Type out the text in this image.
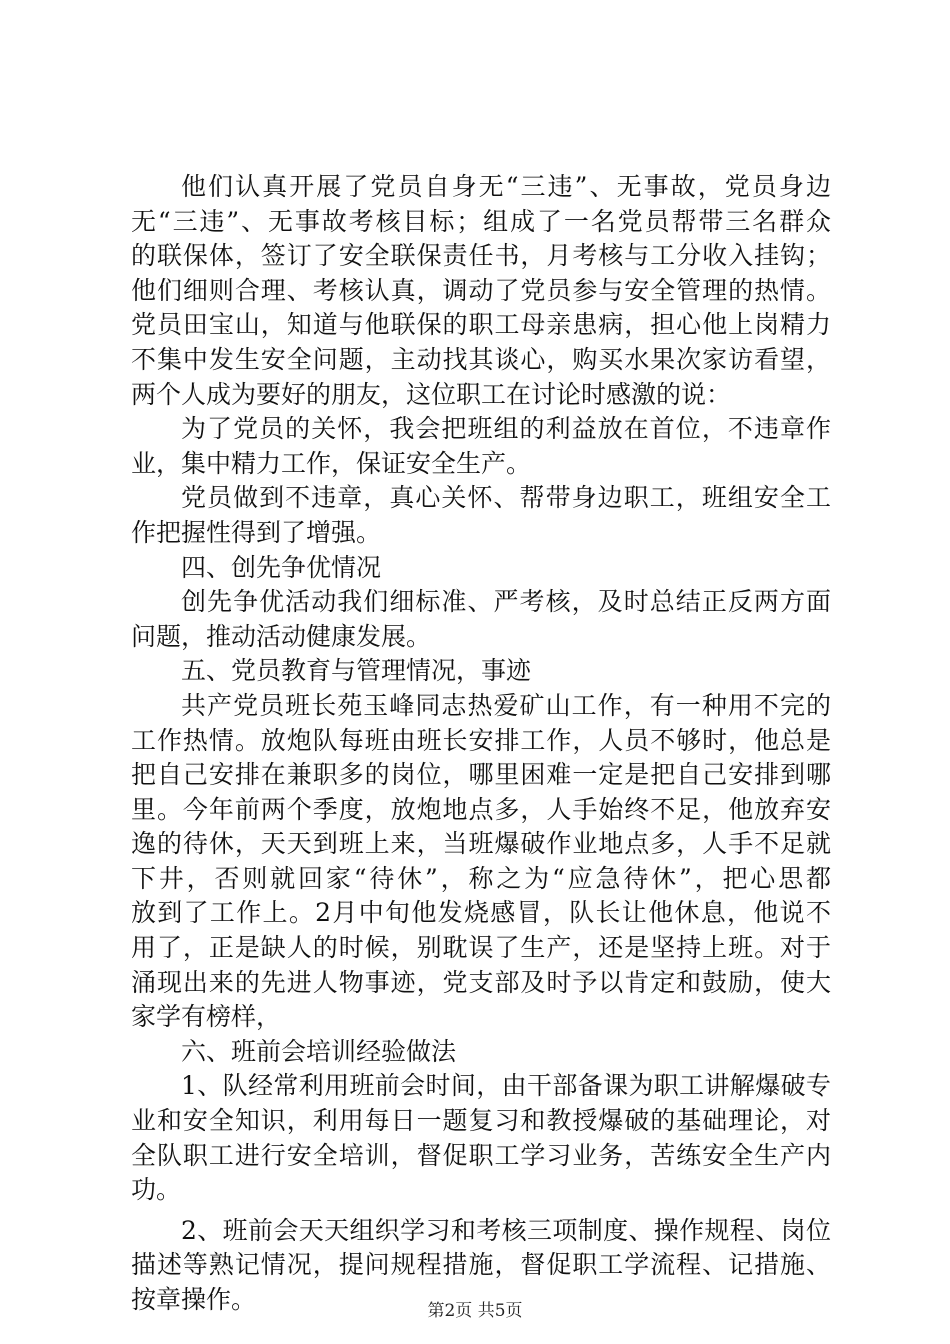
他们认真开展了党员自身无“三违”、无事故，党员身边
无“三违”、无事故考核目标；组成了一名党员帮带三名群众
的联保体，签订了安全联保责任书，月考核与工分收入挂钩；
他们细则合理、考核认真，调动了党员参与安全管理的热情。
党员田宝山，知道与他联保的职工母亲患病，担心他上岗精力
不集中发生安全问题，主动找其谈心，购买水果次家访看望，
两个人成为要好的朋友，这位职工在讨论时感激的说：
为了党员的关怀，我会把班组的利益放在首位，不违章作
业，集中精力工作，保证安全生产。
党员做到不违章，真心关怀、帮带身边职工，班组安全工
作把握性得到了增强。
四、创先争优情况
创先争优活动我们细标准、严考核，及时总结正反两方面
问题，推动活动健康发展。
五、党员教育与管理情况，事迹
共产党员班长苑玉峰同志热爱矿山工作，有一种用不完的
工作热情。放炮队每班由班长安排工作，人员不够时，他总是
把自己安排在兼职多的岗位，哪里困难一定是把自己安排到哪
里。今年前两个季度，放炮地点多，人手始终不足，他放弃安
逸的待休，天天到班上来，当班爆破作业地点多，人手不足就
下井，否则就回家“待休”，称之为“应急待休”，把心思都
放到了工作上。2月中旬他发烧感冒，队长让他休息，他说不
用了，正是缺人的时候，别耽误了生产，还是坚持上班。对于
涌现出来的先进人物事迹，党支部及时予以肯定和鼓励，使大
家学有榜样，
六、班前会培训经验做法
1、队经常利用班前会时间，由干部备课为职工讲解爆破专
业和安全知识，利用每日一题复习和教授爆破的基础理论，对
全队职工进行安全培训，督促职工学习业务，苦练安全生产内
功。
2、班前会天天组织学习和考核三项制度、操作规程、岗位
描述等熟记情况，提问规程措施，督促职工学流程、记措施、
按章操作。	第2页 共5页
